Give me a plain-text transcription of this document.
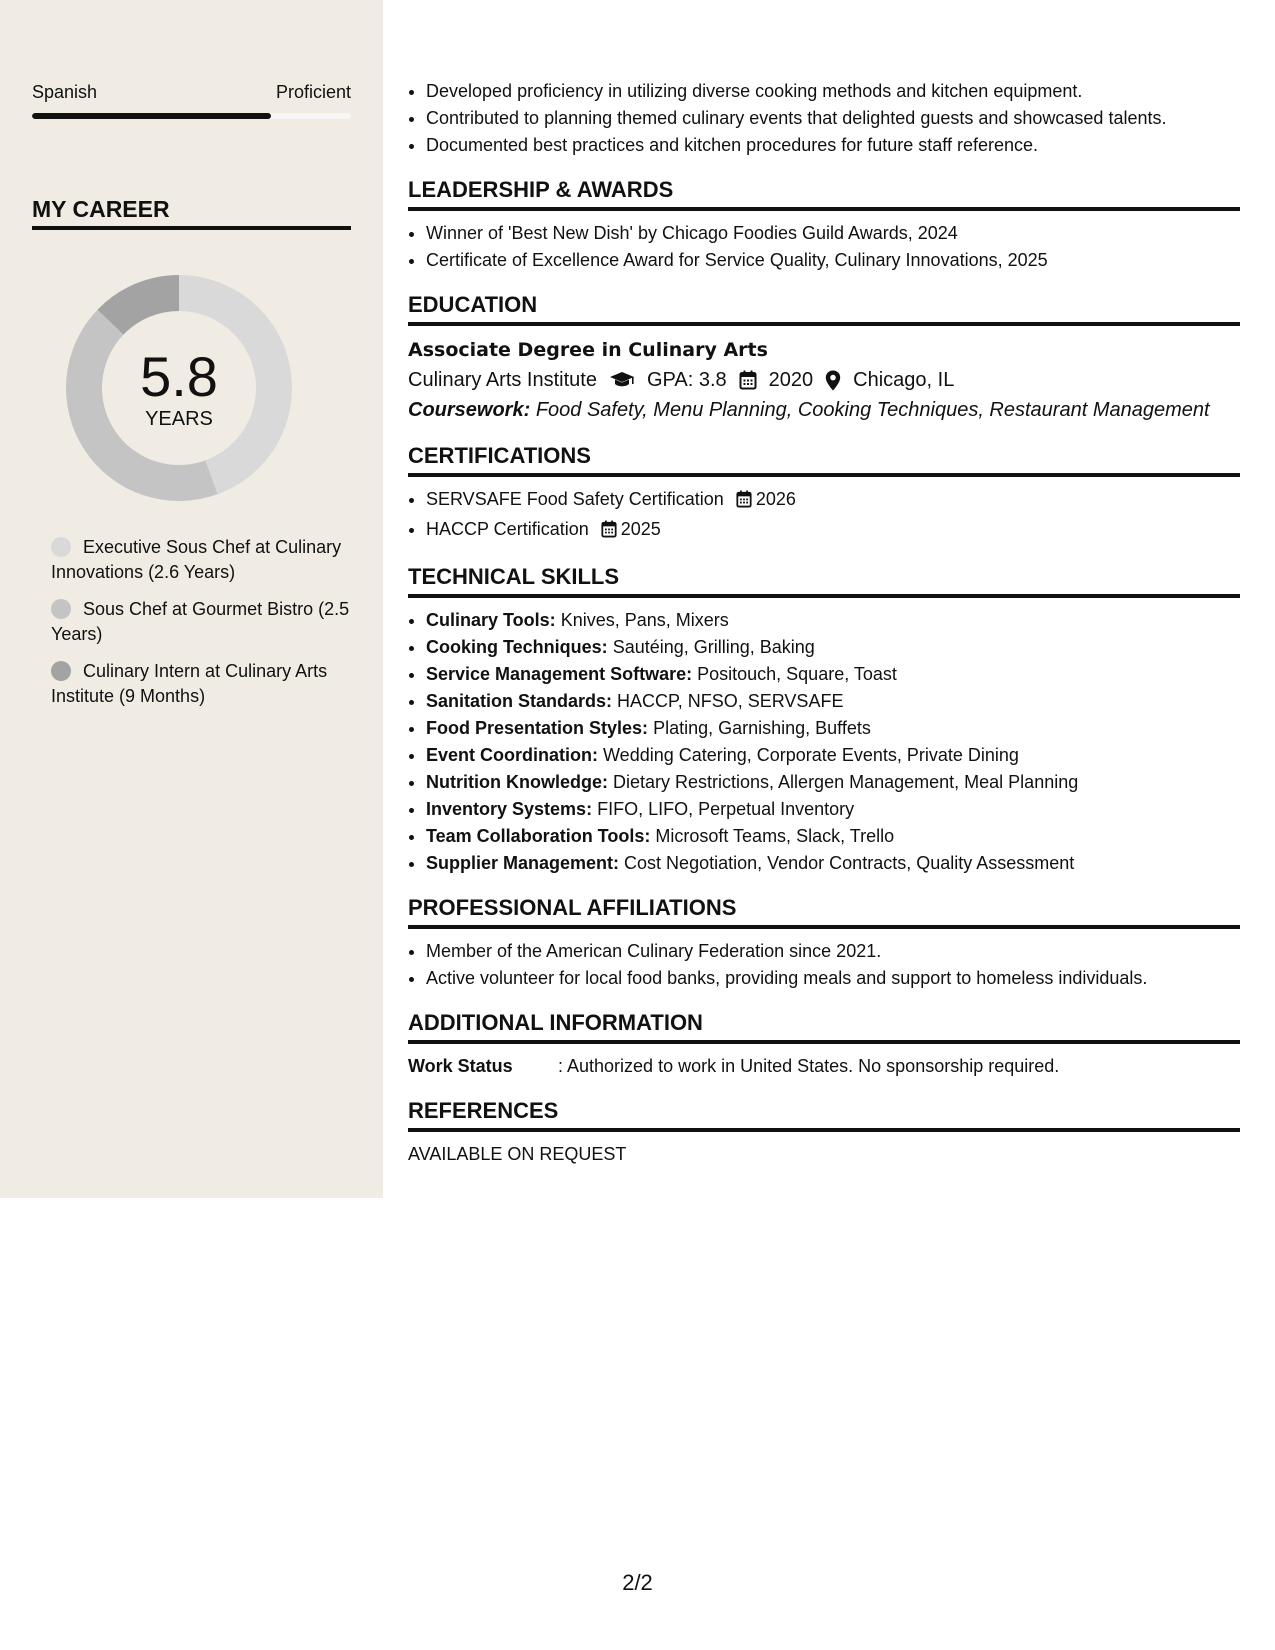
Spanish	Proficient
MY CAREER
5.8
YEARS
Executive Sous Chef at Culinary Innovations (2.6 Years)
Sous Chef at Gourmet Bistro (2.5 Years)
Culinary Intern at Culinary Arts Institute (9 Months)
• Developed proficiency in utilizing diverse cooking methods and kitchen equipment.
• Contributed to planning themed culinary events that delighted guests and showcased talents.
• Documented best practices and kitchen procedures for future staff reference.
LEADERSHIP & AWARDS
• Winner of 'Best New Dish' by Chicago Foodies Guild Awards, 2024
• Certificate of Excellence Award for Service Quality, Culinary Innovations, 2025
EDUCATION
Associate Degree in Culinary Arts
Culinary Arts Institute	GPA: 3.8 2020 Chicago, IL
Coursework: Food Safety, Menu Planning, Cooking Techniques, Restaurant Management
CERTIFICATIONS
• SERVSAFE Food Safety Certification 2026
• HACCP Certification 2025
TECHNICAL SKILLS
• Culinary Tools: Knives, Pans, Mixers
• Cooking Techniques: Sautéing, Grilling, Baking
• Service Management Software: Positouch, Square, Toast
• Sanitation Standards: HACCP, NFSO, SERVSAFE
• Food Presentation Styles: Plating, Garnishing, Buffets
• Event Coordination: Wedding Catering, Corporate Events, Private Dining
• Nutrition Knowledge: Dietary Restrictions, Allergen Management, Meal Planning
• Inventory Systems: FIFO, LIFO, Perpetual Inventory
• Team Collaboration Tools: Microsoft Teams, Slack, Trello
• Supplier Management: Cost Negotiation, Vendor Contracts, Quality Assessment
PROFESSIONAL AFFILIATIONS
• Member of the American Culinary Federation since 2021.
• Active volunteer for local food banks, providing meals and support to homeless individuals.
ADDITIONAL INFORMATION
Work Status	: Authorized to work in United States. No sponsorship required.
REFERENCES
AVAILABLE ON REQUEST
2/2
